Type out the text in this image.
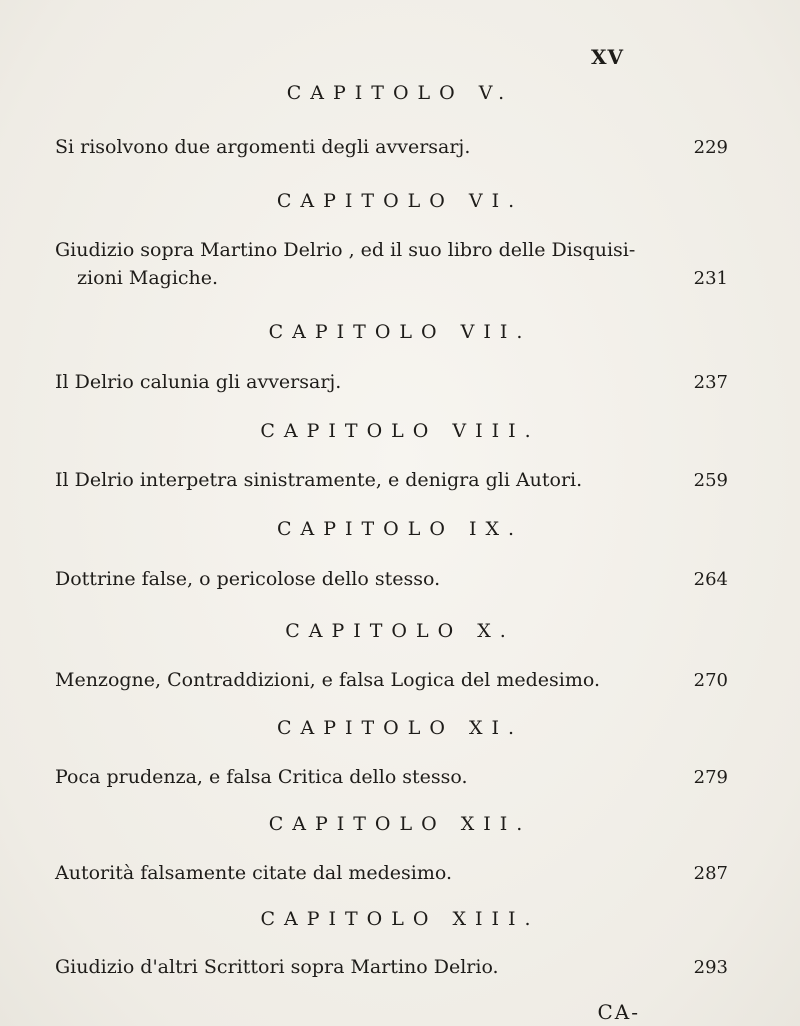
XV
CAPITOLO V.
Si risolvono due argomenti degli avversarj.	229
CAPITOLO VI.
Giudizio sopra Martino Delrio , ed il suo libro delle Disquisi-
zioni Magiche.	231
CAPITOLO VII.
Il Delrio calunia gli avversarj.	237
CAPITOLO VIII.
Il Delrio interpetra sinistramente, e denigra gli Autori.	259
CAPITOLO IX.
Dottrine false, o pericolose dello stesso.	264
CAPITOLO X.
Menzogne, Contraddizioni, e falsa Logica del medesimo.	270
CAPITOLO XI.
Poca prudenza, e falsa Critica dello stesso.	279
CAPITOLO XII.
Autorità falsamente citate dal medesimo.	287
CAPITOLO XIII.
Giudizio d'altri Scrittori sopra Martino Delrio.	293
CA-
